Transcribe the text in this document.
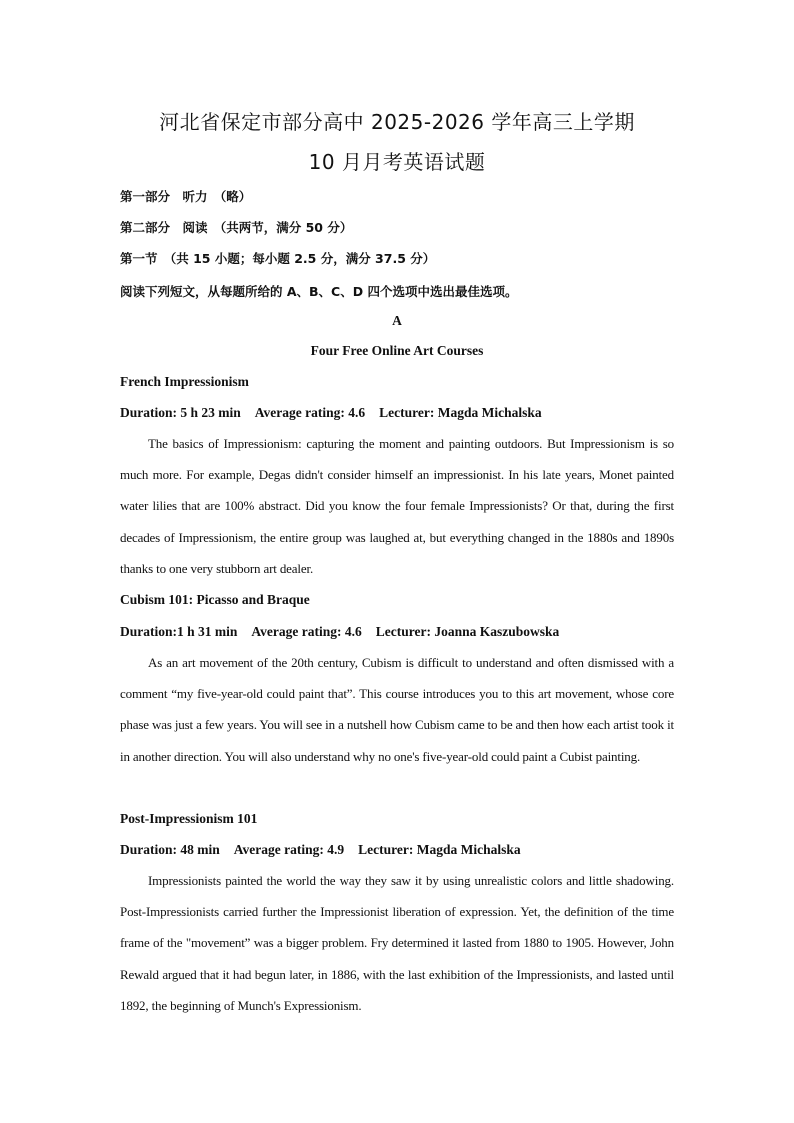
河北省保定市部分高中 2025-2026 学年高三上学期
10 月月考英语试题
第一部分　听力　（略）
第二部分　阅读　（共两节，满分 50 分）
第一节　（共 15 小题；每小题 2.5 分，满分 37.5 分）
阅读下列短文，从每题所给的 A、B、C、D 四个选项中选出最佳选项。
A
Four Free Online Art Courses
French Impressionism
Duration: 5 h 23 min Average rating: 4.6 Lecturer: Magda Michalska
The basics of Impressionism: capturing the moment and painting outdoors. But Impressionism is so much more. For example, Degas didn't consider himself an impressionist. In his late years, Monet painted water lilies that are 100% abstract. Did you know the four female Impressionists? Or that, during the first decades of Impressionism, the entire group was laughed at, but everything changed in the 1880s and 1890s thanks to one very stubborn art dealer.
Cubism 101: Picasso and Braque
Duration:1 h 31 min Average rating: 4.6 Lecturer: Joanna Kaszubowska
As an art movement of the 20th century, Cubism is difficult to understand and often dismissed with a comment “my five-year-old could paint that”. This course introduces you to this art movement, whose core phase was just a few years. You will see in a nutshell how Cubism came to be and then how each artist took it in another direction. You will also understand why no one's five-year-old could paint a Cubist painting.
Post-Impressionism 101
Duration: 48 min Average rating: 4.9 Lecturer: Magda Michalska
Impressionists painted the world the way they saw it by using unrealistic colors and little shadowing. Post-Impressionists carried further the Impressionist liberation of expression. Yet, the definition of the time frame of the "movement” was a bigger problem. Fry determined it lasted from 1880 to 1905. However, John Rewald argued that it had begun later, in 1886, with the last exhibition of the Impressionists, and lasted until 1892, the beginning of Munch's Expressionism.
